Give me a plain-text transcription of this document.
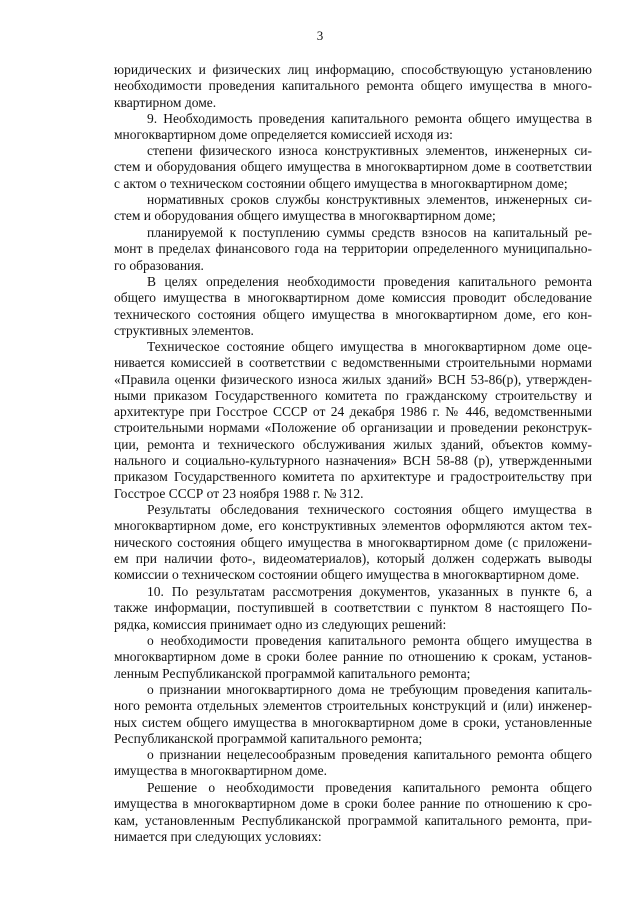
3

юридических и физических лиц информацию, способствующую установлению
необходимости проведения капитального ремонта общего имущества в много-
квартирном доме.

9. Необходимость проведения капитального ремонта общего имущества в
многоквартирном доме определяется комиссией исходя из:

степени физического износа конструктивных элементов, инженерных си-
стем и оборудования общего имущества в многоквартирном доме в соответствии
с актом о техническом состоянии общего имущества в многоквартирном доме;

нормативных сроков службы конструктивных элементов, инженерных си-
стем и оборудования общего имущества в многоквартирном доме;

планируемой к поступлению суммы средств взносов на капитальный ре-
монт в пределах финансового года на территории определенного муниципально-
го образования.

В целях определения необходимости проведения капитального ремонта
общего имущества в многоквартирном доме комиссия проводит обследование
технического состояния общего имущества в многоквартирном доме, его кон-
структивных элементов.

Техническое состояние общего имущества в многоквартирном доме оце-
нивается комиссией в соответствии с ведомственными строительными нормами
«Правила оценки физического износа жилых зданий» ВСН 53-86(р), утвержден-
ными приказом Государственного комитета по гражданскому строительству и
архитектуре при Госстрое СССР от 24 декабря 1986 г. № 446, ведомственными
строительными нормами «Положение об организации и проведении реконструк-
ции, ремонта и технического обслуживания жилых зданий, объектов комму-
нального и социально-культурного назначения» ВСН 58-88 (р), утвержденными
приказом Государственного комитета по архитектуре и градостроительству при
Госстрое СССР от 23 ноября 1988 г. № 312.

Результаты обследования технического состояния общего имущества в
многоквартирном доме, его конструктивных элементов оформляются актом тех-
нического состояния общего имущества в многоквартирном доме (с приложени-
ем при наличии фото-, видеоматериалов), который должен содержать выводы
комиссии о техническом состоянии общего имущества в многоквартирном доме.

10. По результатам рассмотрения документов, указанных в пункте 6, а
также информации, поступившей в соответствии с пунктом 8 настоящего По-
рядка, комиссия принимает одно из следующих решений:

о необходимости проведения капитального ремонта общего имущества в
многоквартирном доме в сроки более ранние по отношению к срокам, установ-
ленным Республиканской программой капитального ремонта;

о признании многоквартирного дома не требующим проведения капиталь-
ного ремонта отдельных элементов строительных конструкций и (или) инженер-
ных систем общего имущества в многоквартирном доме в сроки, установленные
Республиканской программой капитального ремонта;

о признании нецелесообразным проведения капитального ремонта общего
имущества в многоквартирном доме.

Решение о необходимости проведения капитального ремонта общего
имущества в многоквартирном доме в сроки более ранние по отношению к сро-
кам, установленным Республиканской программой капитального ремонта, при-
нимается при следующих условиях:
